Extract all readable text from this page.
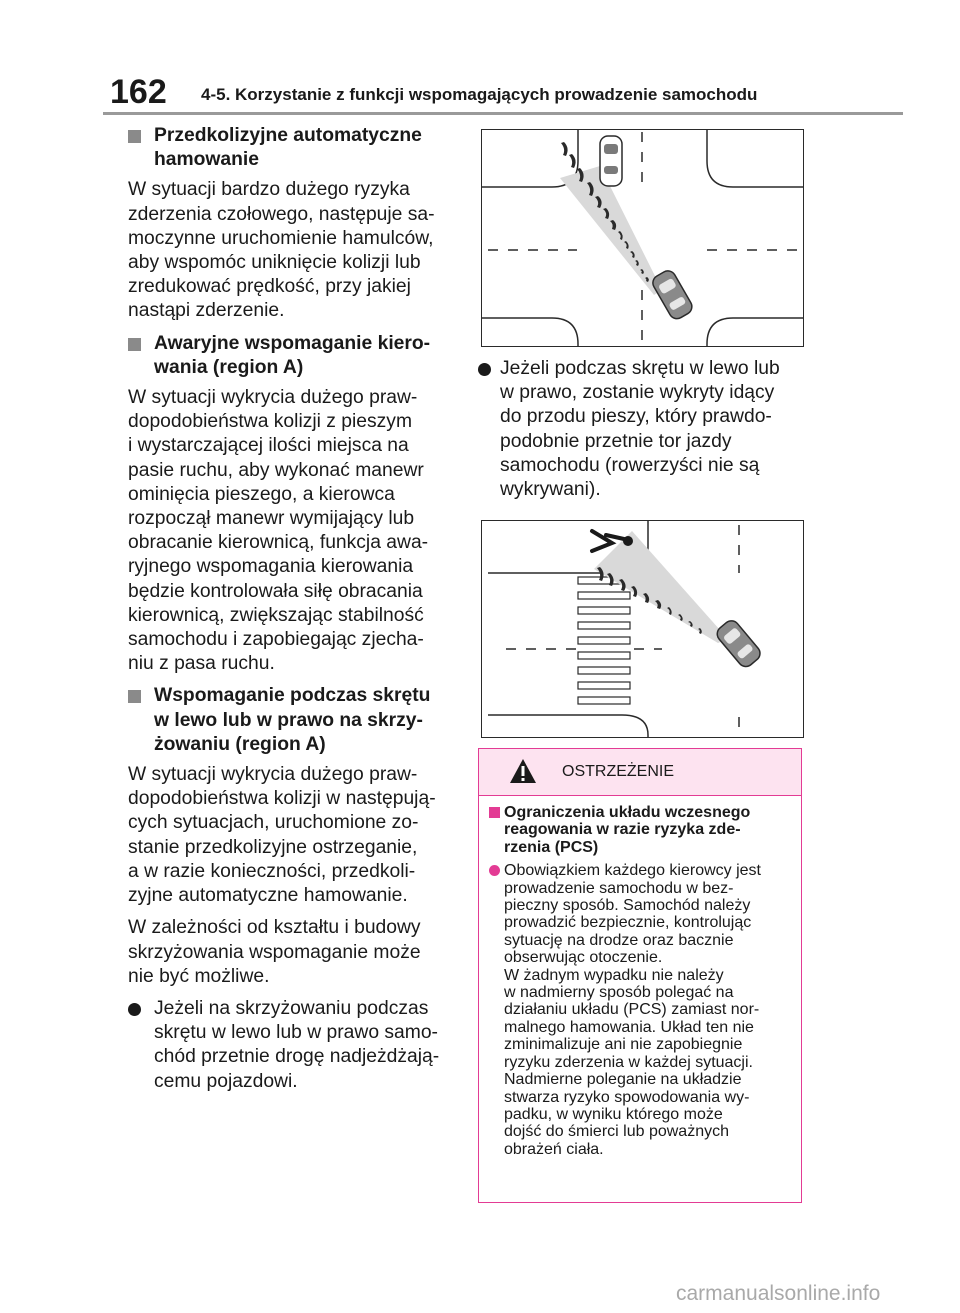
162 4-5. Korzystanie z funkcji wspomagających prowadzenie samochodu
Przedkolizyjne automatyczne
hamowanie
W sytuacji bardzo dużego ryzyka
zderzenia czołowego, następuje sa-
moczynne uruchomienie hamulców,
aby wspomóc uniknięcie kolizji lub
zredukować prędkość, przy jakiej
nastąpi zderzenie.
Awaryjne wspomaganie kiero-
wania (region A)
W sytuacji wykrycia dużego praw-
dopodobieństwa kolizji z pieszym
i wystarczającej ilości miejsca na
pasie ruchu, aby wykonać manewr
ominięcia pieszego, a kierowca
rozpoczął manewr wymijający lub
obracanie kierownicą, funkcja awa-
ryjnego wspomagania kierowania
będzie kontrolowała siłę obracania
kierownicą, zwiększając stabilność
samochodu i zapobiegając zjecha-
niu z pasa ruchu.
Wspomaganie podczas skrętu
w lewo lub w prawo na skrzy-
żowaniu (region A)
W sytuacji wykrycia dużego praw-
dopodobieństwa kolizji w następują-
cych sytuacjach, uruchomione zo-
stanie przedkolizyjne ostrzeganie,
a w razie konieczności, przedkoli-
zyjne automatyczne hamowanie.
W zależności od kształtu i budowy
skrzyżowania wspomaganie może
nie być możliwe.
Jeżeli na skrzyżowaniu podczas
skrętu w lewo lub w prawo samo-
chód przetnie drogę nadjeżdżają-
cemu pojazdowi.
Jeżeli podczas skrętu w lewo lub
w prawo, zostanie wykryty idący
do przodu pieszy, który prawdo-
podobnie przetnie tor jazdy
samochodu (rowerzyści nie są
wykrywani).
OSTRZEŻENIE
Ograniczenia układu wczesnego
reagowania w razie ryzyka zde-
rzenia (PCS)
Obowiązkiem każdego kierowcy jest
prowadzenie samochodu w bez-
pieczny sposób. Samochód należy
prowadzić bezpiecznie, kontrolując
sytuację na drodze oraz bacznie
obserwując otoczenie.
W żadnym wypadku nie należy
w nadmierny sposób polegać na
działaniu układu (PCS) zamiast nor-
malnego hamowania. Układ ten nie
zminimalizuje ani nie zapobiegnie
ryzyku zderzenia w każdej sytuacji.
Nadmierne poleganie na układzie
stwarza ryzyko spowodowania wy-
padku, w wyniku którego może
dojść do śmierci lub poważnych
obrażeń ciała.
carmanualsonline.info
